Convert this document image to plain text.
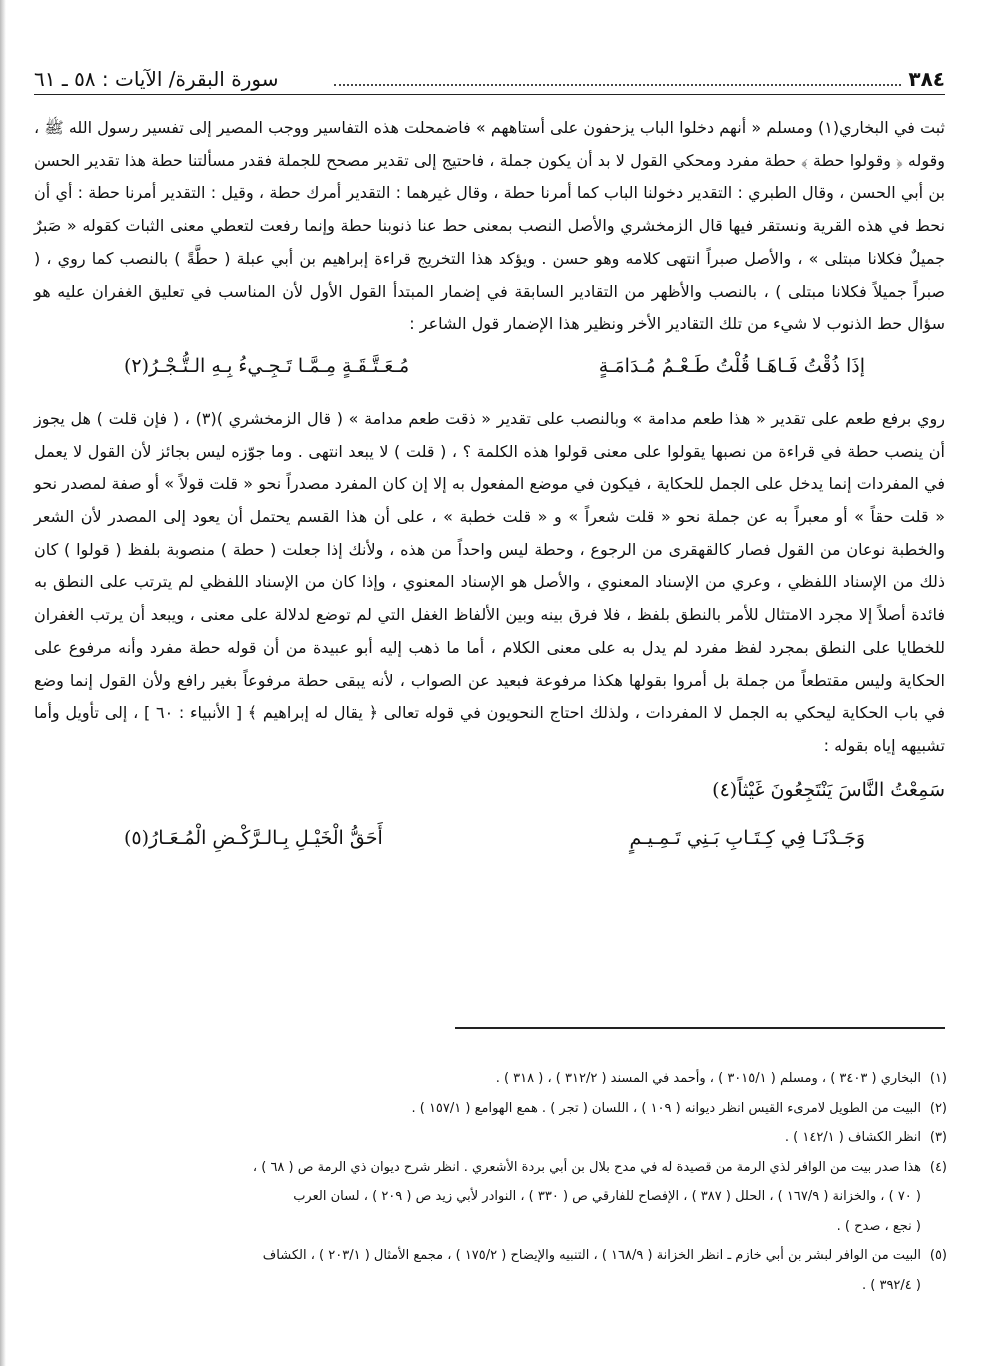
٣٨٤
سورة البقرة/ الآيات : ٥٨ ـ ٦١

ثبت في البخاري(١) ومسلم « أنهم دخلوا الباب يزحفون على أستاههم » فاضمحلت هذه التفاسير ووجب المصير إلى تفسير رسول الله ﷺ ، وقوله ﴿ وقولوا حطة ﴾ حطة مفرد ومحكي القول لا بد أن يكون جملة ، فاحتيج إلى تقدير مصحح للجملة فقدر مسألتنا حطة هذا تقدير الحسن بن أبي الحسن ، وقال الطبري : التقدير دخولنا الباب كما أمرنا حطة ، وقال غيرهما : التقدير أمرك حطة ، وقيل : التقدير أمرنا حطة : أي أن نحط في هذه القرية ونستقر فيها قال الزمخشري والأصل النصب بمعنى حط عنا ذنوبنا حطة وإنما رفعت لتعطي معنى الثبات كقوله « صَبرٌ جميلٌ فكلانا مبتلى » ، والأصل صبراً انتهى كلامه وهو حسن . ويؤكد هذا التخريج قراءة إبراهيم بن أبي عبلة ( حطَّةً ) بالنصب كما روي ، ( صبراً جميلاً فكلانا مبتلى ) ، بالنصب والأظهر من التقادير السابقة في إضمار المبتدأ القول الأول لأن المناسب في تعليق الغفران عليه هو سؤال حط الذنوب لا شيء من تلك التقادير الأخر ونظير هذا الإضمار قول الشاعر :

إذَا ذُقْتُ فَـاهَـا قُلْتُ طَـعْـمُ مُـدَامَـةٍ
مُـعَـتَّـقَـةٍ مِـمَّـا تَـجِـيءُ بِـهِ الـتُّـجْـرُ(٢)

روي برفع طعم على تقدير « هذا طعم مدامة » وبالنصب على تقدير « ذقت طعم مدامة » ( قال الزمخشري )(٣) ، ( فإن قلت ) هل يجوز أن ينصب حطة في قراءة من نصبها يقولوا على معنى قولوا هذه الكلمة ؟ ، ( قلت ) لا يبعد انتهى . وما جوّزه ليس بجائز لأن القول لا يعمل في المفردات إنما يدخل على الجمل للحكاية ، فيكون في موضع المفعول به إلا إن كان المفرد مصدراً نحو « قلت قولاً » أو صفة لمصدر نحو « قلت حقاً » أو معبراً به عن جملة نحو « قلت شعراً » و « قلت خطبة » ، على أن هذا القسم يحتمل أن يعود إلى المصدر لأن الشعر والخطبة نوعان من القول فصار كالقهقرى من الرجوع ، وحطة ليس واحداً من هذه ، ولأنك إذا جعلت ( حطة ) منصوبة بلفظ ( قولوا ) كان ذلك من الإسناد اللفظي ، وعري من الإسناد المعنوي ، والأصل هو الإسناد المعنوي ، وإذا كان من الإسناد اللفظي لم يترتب على النطق به فائدة أصلاً إلا مجرد الامتثال للأمر بالنطق بلفظ ، فلا فرق بينه وبين الألفاظ الغفل التي لم توضع لدلالة على معنى ، ويبعد أن يرتب الغفران للخطايا على النطق بمجرد لفظ مفرد لم يدل به على معنى الكلام ، أما ما ذهب إليه أبو عبيدة من أن قوله حطة مفرد وأنه مرفوع على الحكاية وليس مقتطعاً من جملة بل أمروا بقولها هكذا مرفوعة فبعيد عن الصواب ، لأنه يبقى حطة مرفوعاً بغير رافع ولأن القول إنما وضع في باب الحكاية ليحكي به الجمل لا المفردات ، ولذلك احتاج النحويون في قوله تعالى ﴿ يقال له إبراهيم ﴾ [ الأنبياء : ٦٠ ] ، إلى تأويل وأما تشبيهه إياه بقوله :

سَمِعْتُ النَّاسَ يَنْتَجِعُونَ غَيْثاً(٤)
وَجَـدْنَـا فِي كِـتَـابِ بَـنِي تَـمِـيـمٍ
أَحَقُّ الْخَيْـلِ بِـالـرَّكْـضِ الْمُـعَـارُ(٥)
(١)
البخاري ( ٣٤٠٣ ) ، ومسلم ( ٣٠١٥/١ ) ، وأحمد في المسند ( ٣١٢/٢ ) ، ( ٣١٨ ) .
(٢)
البيت من الطويل لامرىء القيس انظر ديوانه ( ١٠٩ ) ، اللسان ( تجر ) . همع الهوامع ( ١٥٧/١ ) .
(٣)
انظر الكشاف ( ١٤٢/١ ) .
(٤)
هذا صدر بيت من الوافر لذي الرمة من قصيدة له في مدح بلال بن أبي بردة الأشعري . انظر شرح ديوان ذي الرمة ص ( ٦٨ ) ،
( ٧٠ ) ، والخزانة ( ١٦٧/٩ ) ، الحلل ( ٣٨٧ ) ، الإفصاح للفارقي ص ( ٣٣٠ ) ، النوادر لأبي زيد ص ( ٢٠٩ ) ، لسان العرب
( نجع ، صدح ) .
(٥)
البيت من الوافر لبشر بن أبي خازم ـ انظر الخزانة ( ١٦٨/٩ ) ، التنبيه والإيضاح ( ١٧٥/٢ ) ، مجمع الأمثال ( ٢٠٣/١ ) ، الكشاف
( ٣٩٢/٤ ) .
